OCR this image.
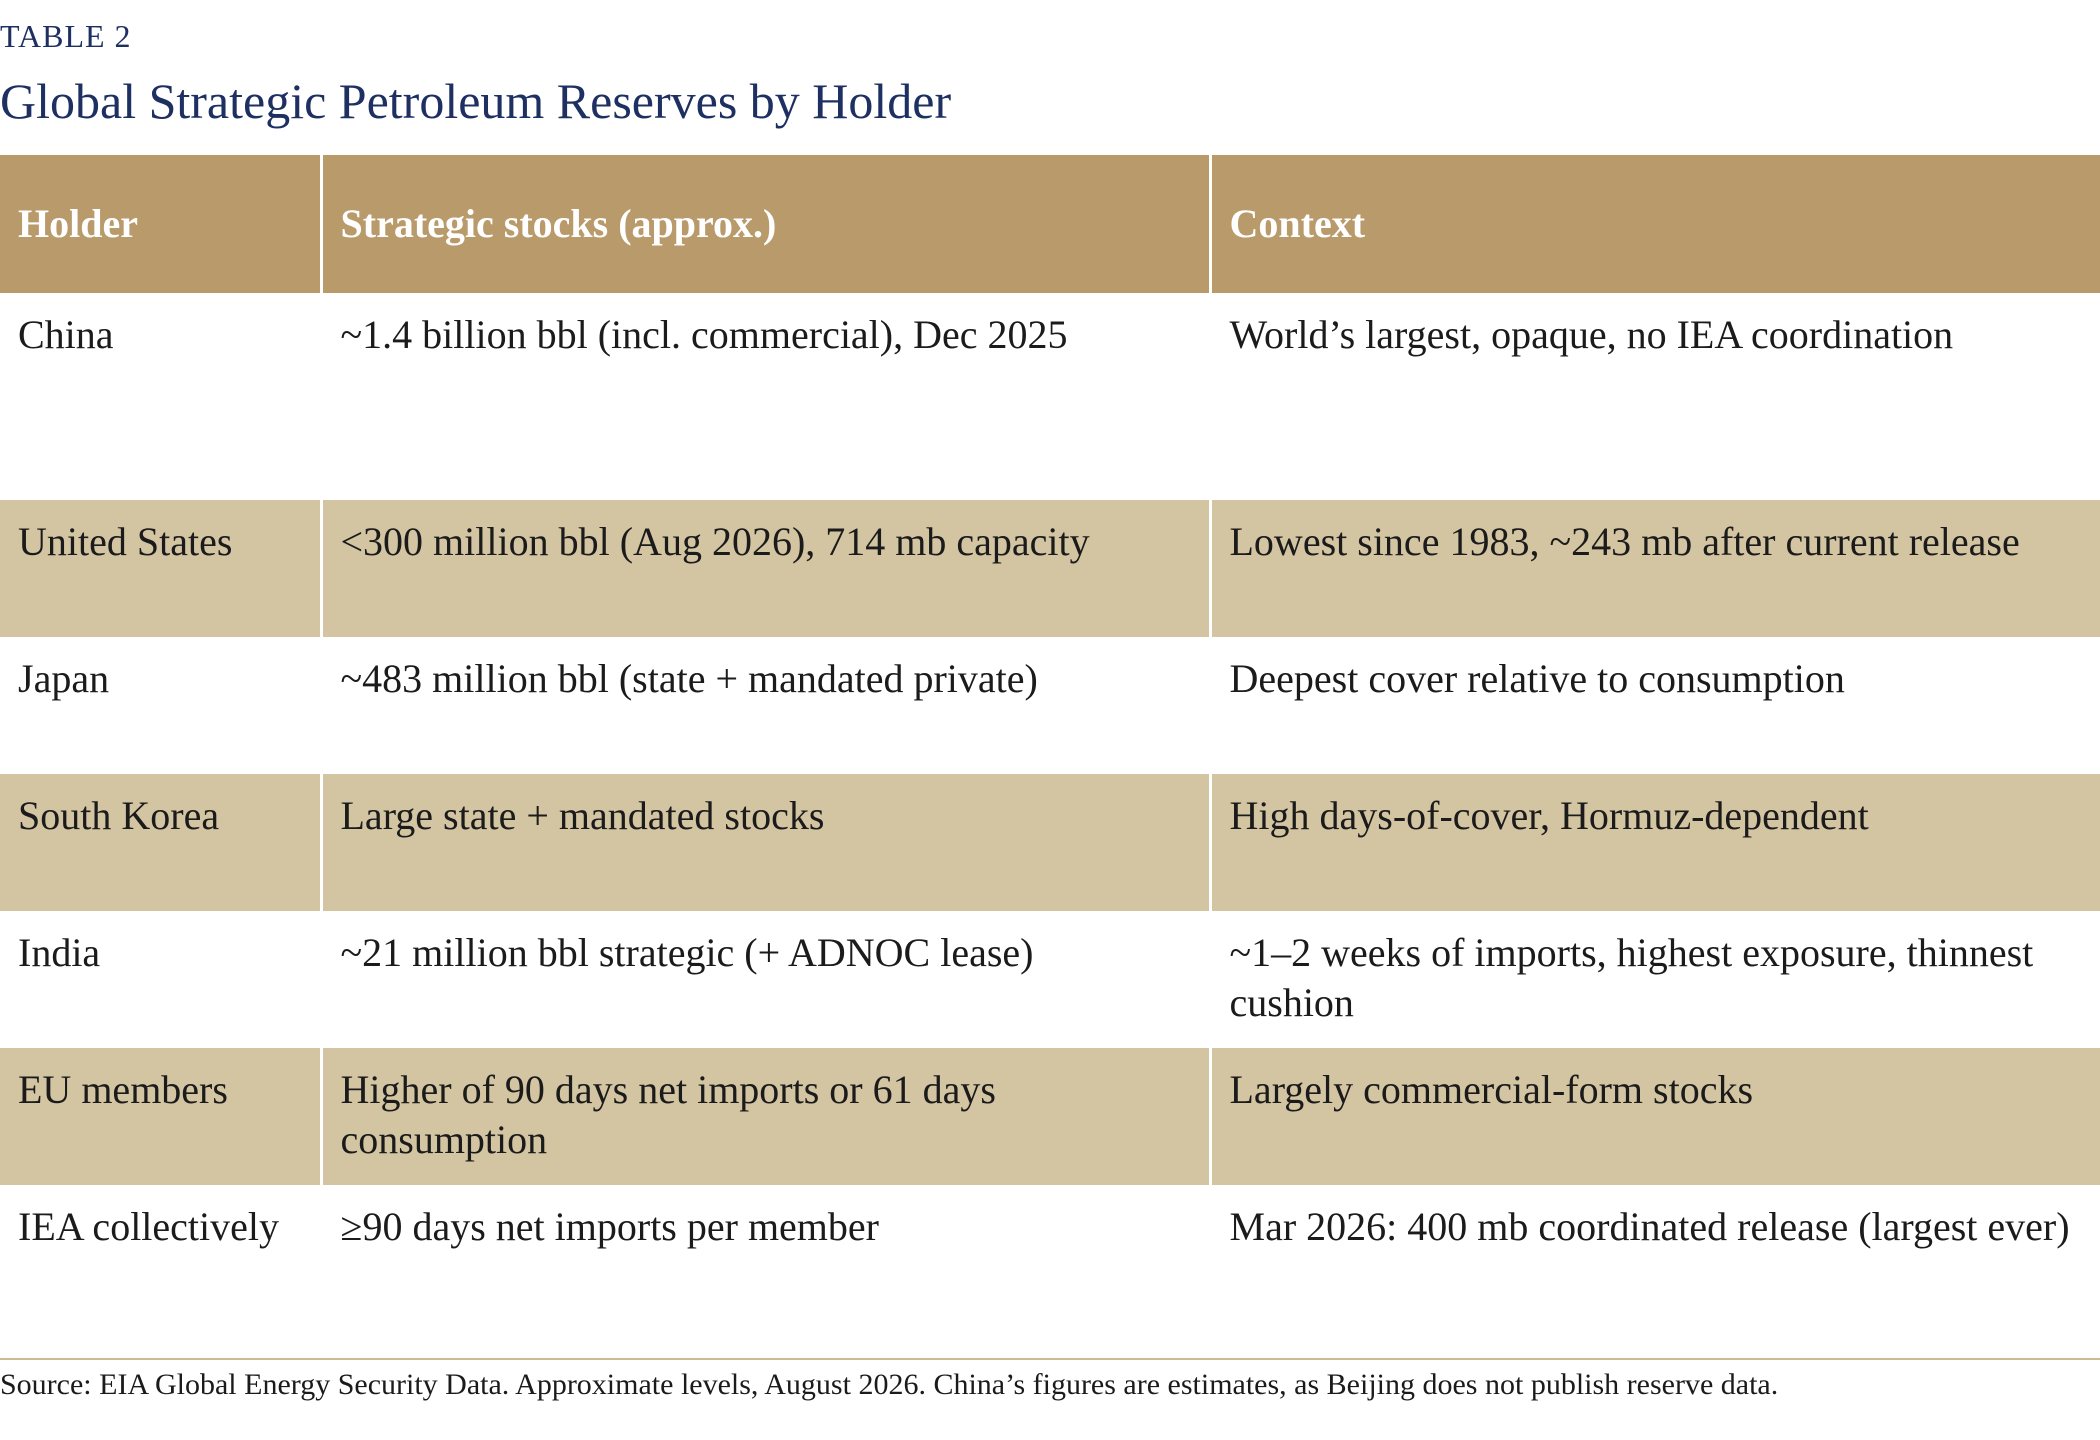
TABLE 2
Global Strategic Petroleum Reserves by Holder
Holder	Strategic stocks (approx.)	Context
China	~1.4 billion bbl (incl. commercial), Dec 2025	World’s largest, opaque, no IEA coordination
United States	<300 million bbl (Aug 2026), 714 mb capacity	Lowest since 1983, ~243 mb after current release
Japan	~483 million bbl (state + mandated private)	Deepest cover relative to consumption
South Korea	Large state + mandated stocks	High days-of-cover, Hormuz-dependent
India	~21 million bbl strategic (+ ADNOC lease)	~1–2 weeks of imports, highest exposure, thinnest cushion
EU members	Higher of 90 days net imports or 61 days consumption	Largely commercial-form stocks
IEA collectively	≥90 days net imports per member	Mar 2026: 400 mb coordinated release (largest ever)
Source: EIA Global Energy Security Data. Approximate levels, August 2026. China’s figures are estimates, as Beijing does not publish reserve data.
